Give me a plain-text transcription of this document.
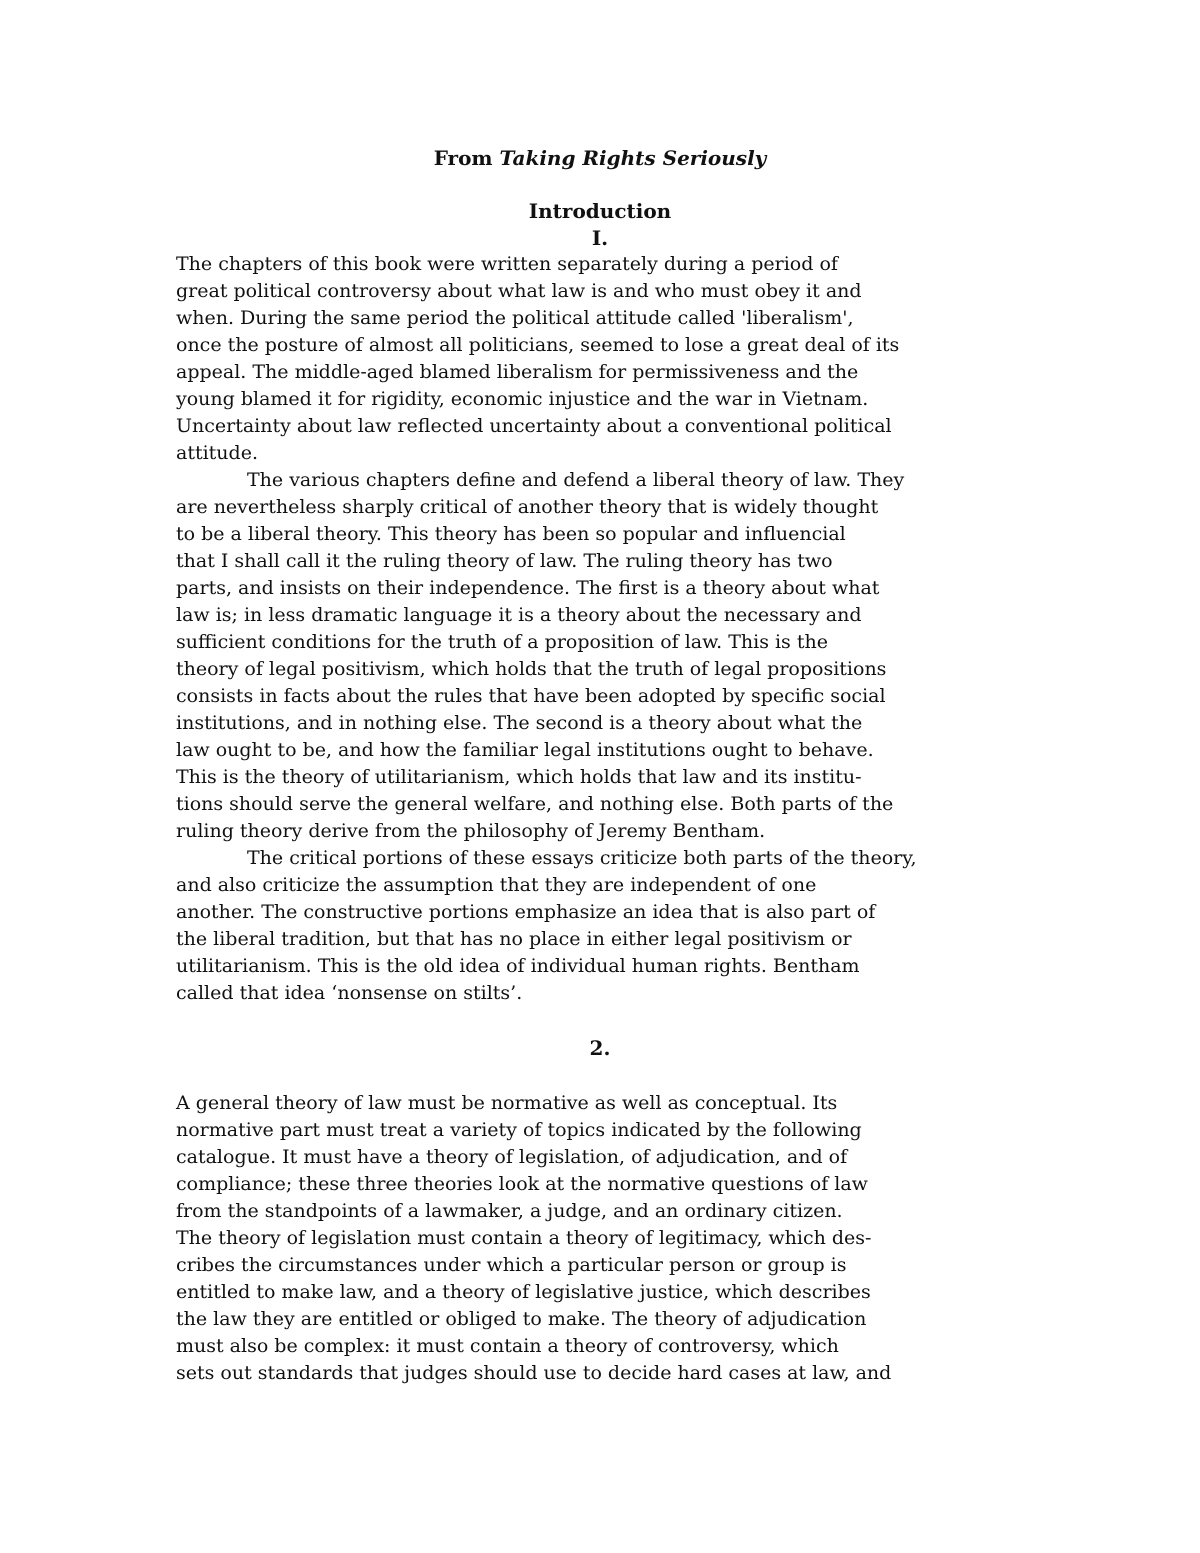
From Taking Rights Seriously
Introduction
I.
The chapters of this book were written separately during a period of
great political controversy about what law is and who must obey it and
when. During the same period the political attitude called 'liberalism',
once the posture of almost all politicians, seemed to lose a great deal of its
appeal. The middle-aged blamed liberalism for permissiveness and the
young blamed it for rigidity, economic injustice and the war in Vietnam.
Uncertainty about law reflected uncertainty about a conventional political
attitude.
The various chapters define and defend a liberal theory of law. They
are nevertheless sharply critical of another theory that is widely thought
to be a liberal theory. This theory has been so popular and influencial
that I shall call it the ruling theory of law. The ruling theory has two
parts, and insists on their independence. The first is a theory about what
law is; in less dramatic language it is a theory about the necessary and
sufficient conditions for the truth of a proposition of law. This is the
theory of legal positivism, which holds that the truth of legal propositions
consists in facts about the rules that have been adopted by specific social
institutions, and in nothing else. The second is a theory about what the
law ought to be, and how the familiar legal institutions ought to behave.
This is the theory of utilitarianism, which holds that law and its institu-
tions should serve the general welfare, and nothing else. Both parts of the
ruling theory derive from the philosophy of Jeremy Bentham.
The critical portions of these essays criticize both parts of the theory,
and also criticize the assumption that they are independent of one
another. The constructive portions emphasize an idea that is also part of
the liberal tradition, but that has no place in either legal positivism or
utilitarianism. This is the old idea of individual human rights. Bentham
called that idea ‘nonsense on stilts’.
2.
A general theory of law must be normative as well as conceptual. Its
normative part must treat a variety of topics indicated by the following
catalogue. It must have a theory of legislation, of adjudication, and of
compliance; these three theories look at the normative questions of law
from the standpoints of a lawmaker, a judge, and an ordinary citizen.
The theory of legislation must contain a theory of legitimacy, which des-
cribes the circumstances under which a particular person or group is
entitled to make law, and a theory of legislative justice, which describes
the law they are entitled or obliged to make. The theory of adjudication
must also be complex: it must contain a theory of controversy, which
sets out standards that judges should use to decide hard cases at law, and
